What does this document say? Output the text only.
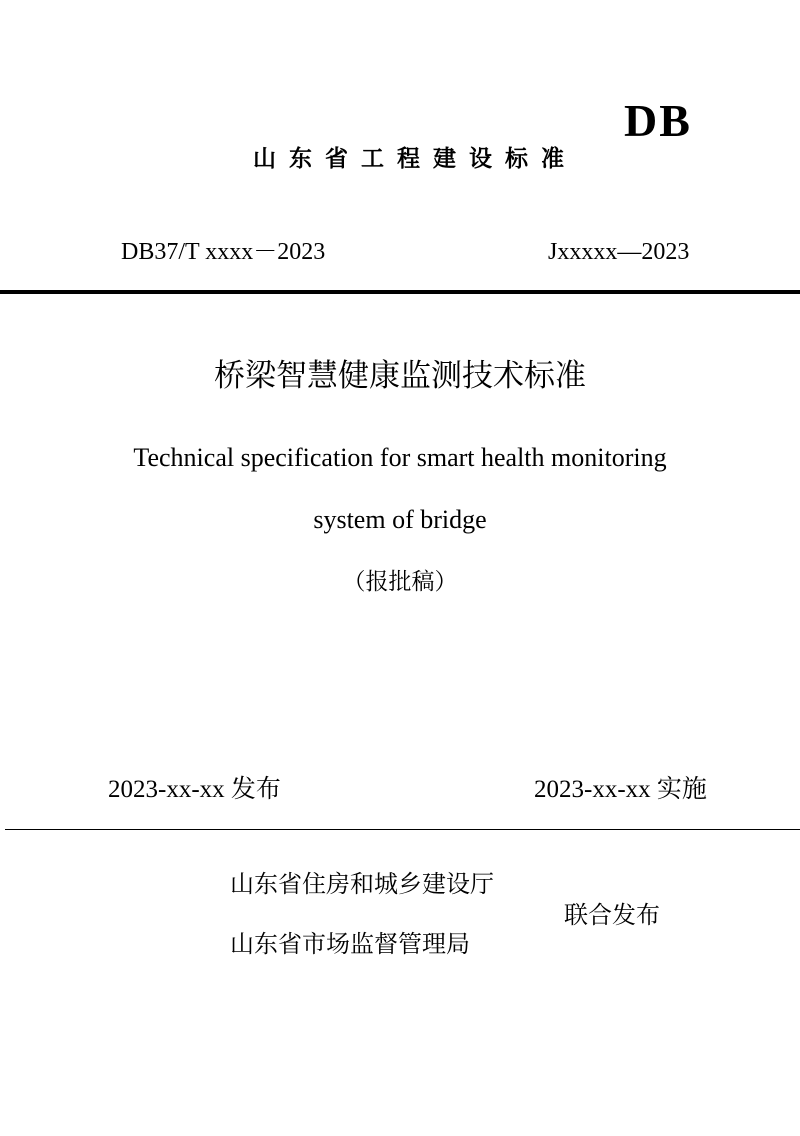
DB
山东省工程建设标准
DB37/T xxxx－2023	Jxxxxx—2023
桥梁智慧健康监测技术标准
Technical specification for smart health monitoring
system of bridge
（报批稿）
2023-xx-xx 发布	2023-xx-xx 实施
山东省住房和城乡建设厅
山东省市场监督管理局
联合发布
